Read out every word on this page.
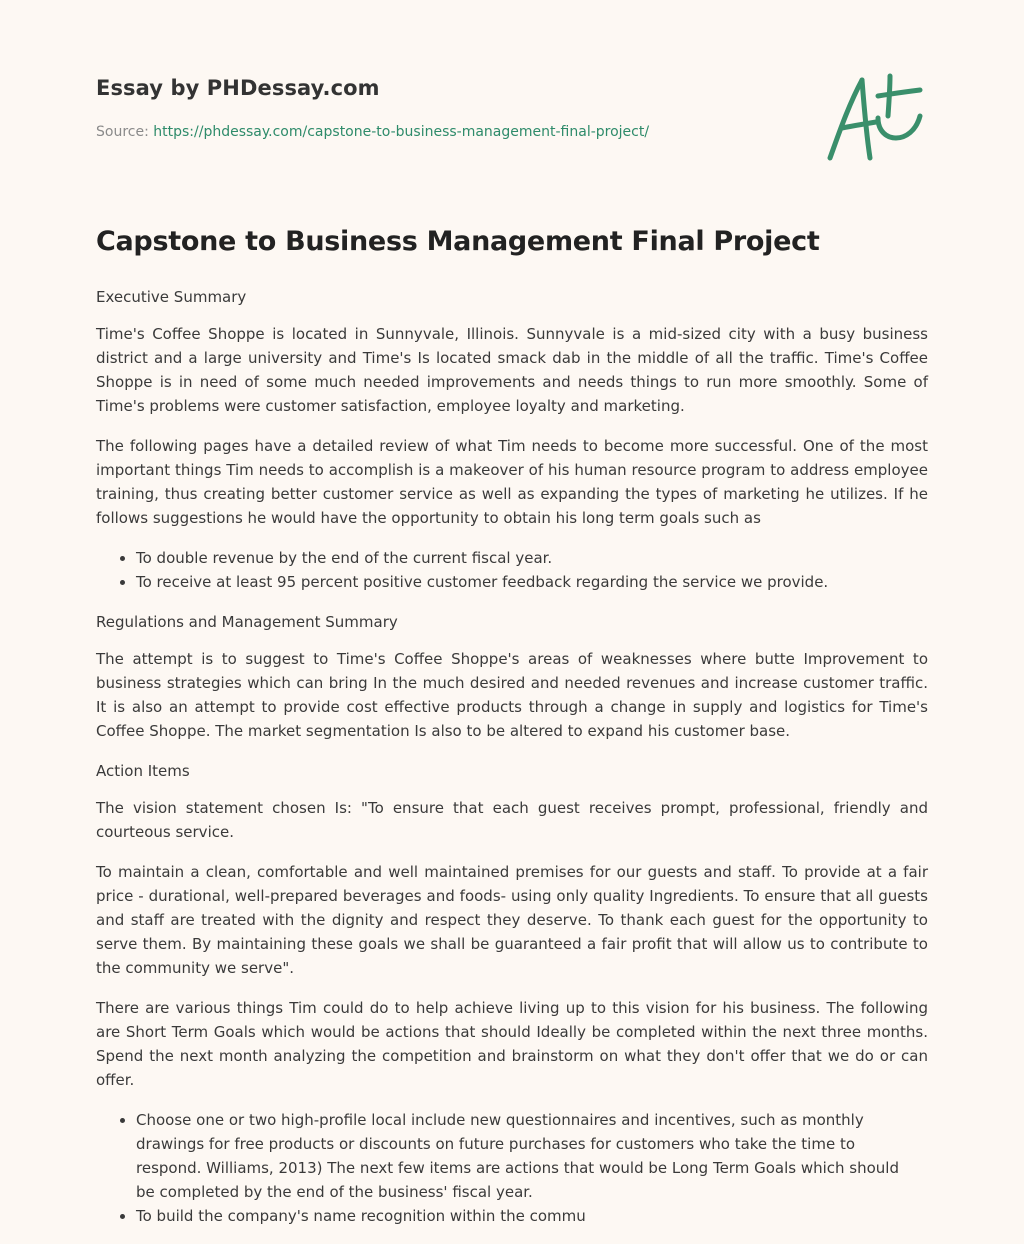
Essay by PHDessay.com
Source: https://phdessay.com/capstone-to-business-management-final-project/
Capstone to Business Management Final Project

Executive Summary

Time's Coffee Shoppe is located in Sunnyvale, Illinois. Sunnyvale is a mid-sized city with a busy business district and a large university and Time's Is located smack dab in the middle of all the traffic. Time's Coffee Shoppe is in need of some much needed improvements and needs things to run more smoothly. Some of Time's problems were customer satisfaction, employee loyalty and marketing.

The following pages have a detailed review of what Tim needs to become more successful. One of the most important things Tim needs to accomplish is a makeover of his human resource program to address employee training, thus creating better customer service as well as expanding the types of marketing he utilizes. If he follows suggestions he would have the opportunity to obtain his long term goals such as

• To double revenue by the end of the current fiscal year.
• To receive at least 95 percent positive customer feedback regarding the service we provide.

Regulations and Management Summary

The attempt is to suggest to Time's Coffee Shoppe's areas of weaknesses where butte Improvement to business strategies which can bring In the much desired and needed revenues and increase customer traffic. It is also an attempt to provide cost effective products through a change in supply and logistics for Time's Coffee Shoppe. The market segmentation Is also to be altered to expand his customer base.

Action Items

The vision statement chosen Is: "To ensure that each guest receives prompt, professional, friendly and courteous service.

To maintain a clean, comfortable and well maintained premises for our guests and staff. To provide at a fair price - durational, well-prepared beverages and foods- using only quality Ingredients. To ensure that all guests and staff are treated with the dignity and respect they deserve. To thank each guest for the opportunity to serve them. By maintaining these goals we shall be guaranteed a fair profit that will allow us to contribute to the community we serve".

There are various things Tim could do to help achieve living up to this vision for his business. The following are Short Term Goals which would be actions that should Ideally be completed within the next three months. Spend the next month analyzing the competition and brainstorm on what they don't offer that we do or can offer.

• Choose one or two high-profile local include new questionnaires and incentives, such as monthly drawings for free products or discounts on future purchases for customers who take the time to respond. Williams, 2013) The next few items are actions that would be Long Term Goals which should be completed by the end of the business' fiscal year.
• To build the company's name recognition within the commu
